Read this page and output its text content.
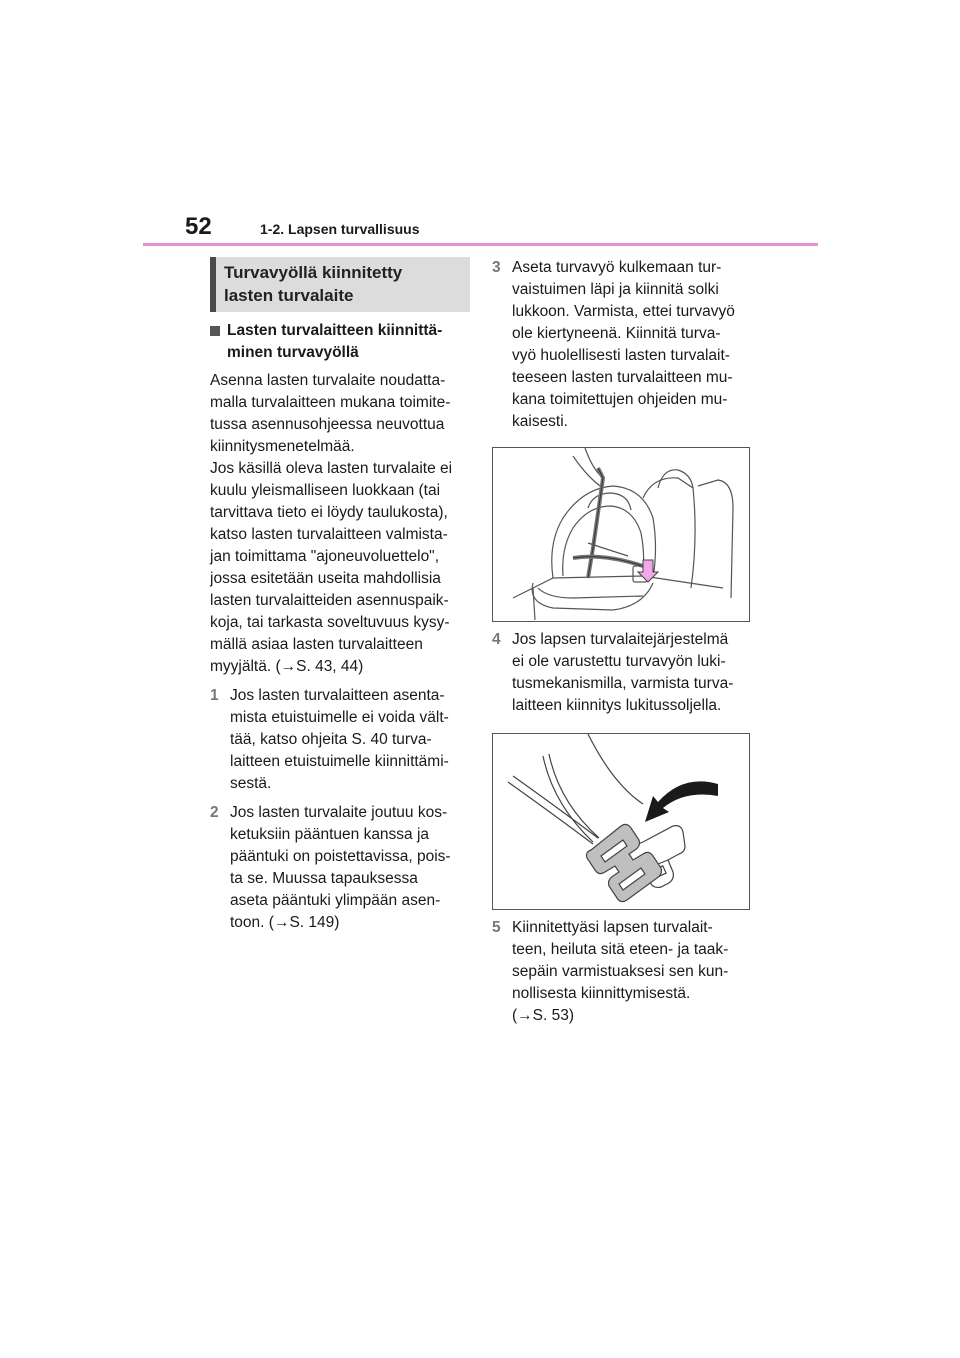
52	1-2. Lapsen turvallisuus
Turvavyöllä kiinnitetty
lasten turvalaite
Lasten turvalaitteen kiinnittä- minen turvavyöllä
Asenna lasten turvalaite noudatta-
malla turvalaitteen mukana toimite-
tussa asennusohjeessa neuvottua
kiinnitysmenetelmää.
Jos käsillä oleva lasten turvalaite ei
kuulu yleismalliseen luokkaan (tai
tarvittava tieto ei löydy taulukosta),
katso lasten turvalaitteen valmista-
jan toimittama "ajoneuvoluettelo",
jossa esitetään useita mahdollisia
lasten turvalaitteiden asennuspaik-
koja, tai tarkasta soveltuvuus kysy-
mällä asiaa lasten turvalaitteen
myyjältä. (→S. 43, 44)
1 Jos lasten turvalaitteen asenta-
mista etuistuimelle ei voida vält-
tää, katso ohjeita S. 40 turva-
laitteen etuistuimelle kiinnittämi-
sestä.
2 Jos lasten turvalaite joutuu kos-
ketuksiin pääntuen kanssa ja
pääntuki on poistettavissa, pois-
ta se. Muussa tapauksessa
aseta pääntuki ylimpään asen-
toon. (→S. 149)
3 Aseta turvavyö kulkemaan tur-
vaistuimen läpi ja kiinnitä solki
lukkoon. Varmista, ettei turvavyö
ole kiertyneenä. Kiinnitä turva-
vyö huolellisesti lasten turvalait-
teeseen lasten turvalaitteen mu-
kana toimitettujen ohjeiden mu-
kaisesti.
4 Jos lapsen turvalaitejärjestelmä
ei ole varustettu turvavyön luki-
tusmekanismilla, varmista turva-
laitteen kiinnitys lukitussoljella.
5 Kiinnitettyäsi lapsen turvalait-
teen, heiluta sitä eteen- ja taak-
sepäin varmistuaksesi sen kun-
nollisesta kiinnittymisestä.
(→S. 53)
